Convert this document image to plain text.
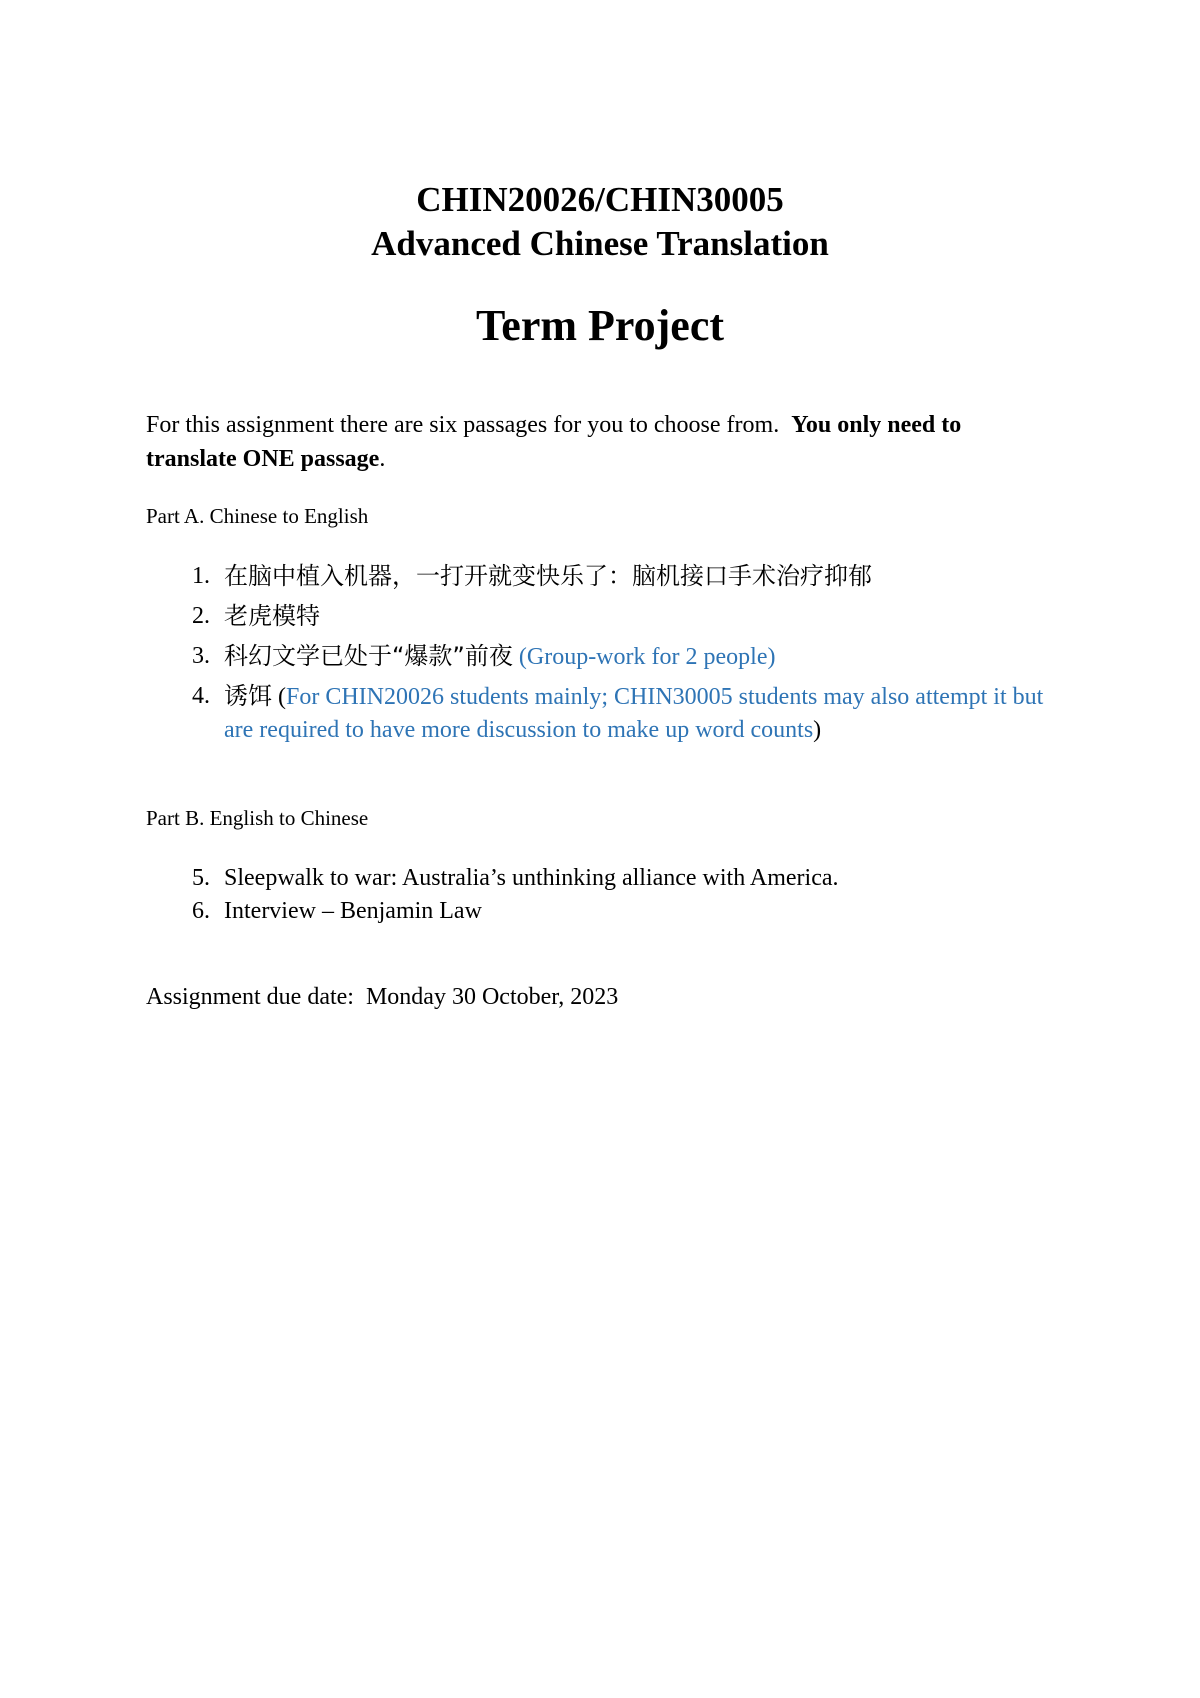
CHIN20026/CHIN30005
Advanced Chinese Translation
Term Project
For this assignment there are six passages for you to choose from. You only need to translate ONE passage.
Part A. Chinese to English
1. 在脑中植入机器，一打开就变快乐了：脑机接口手术治疗抑郁
2. 老虎模特
3. 科幻文学已处于“爆款”前夜 (Group-work for 2 people)
4. 诱饵 (For CHIN20026 students mainly; CHIN30005 students may also attempt it but are required to have more discussion to make up word counts)
Part B. English to Chinese
5. Sleepwalk to war: Australia’s unthinking alliance with America.
6. Interview – Benjamin Law
Assignment due date: Monday 30 October, 2023
